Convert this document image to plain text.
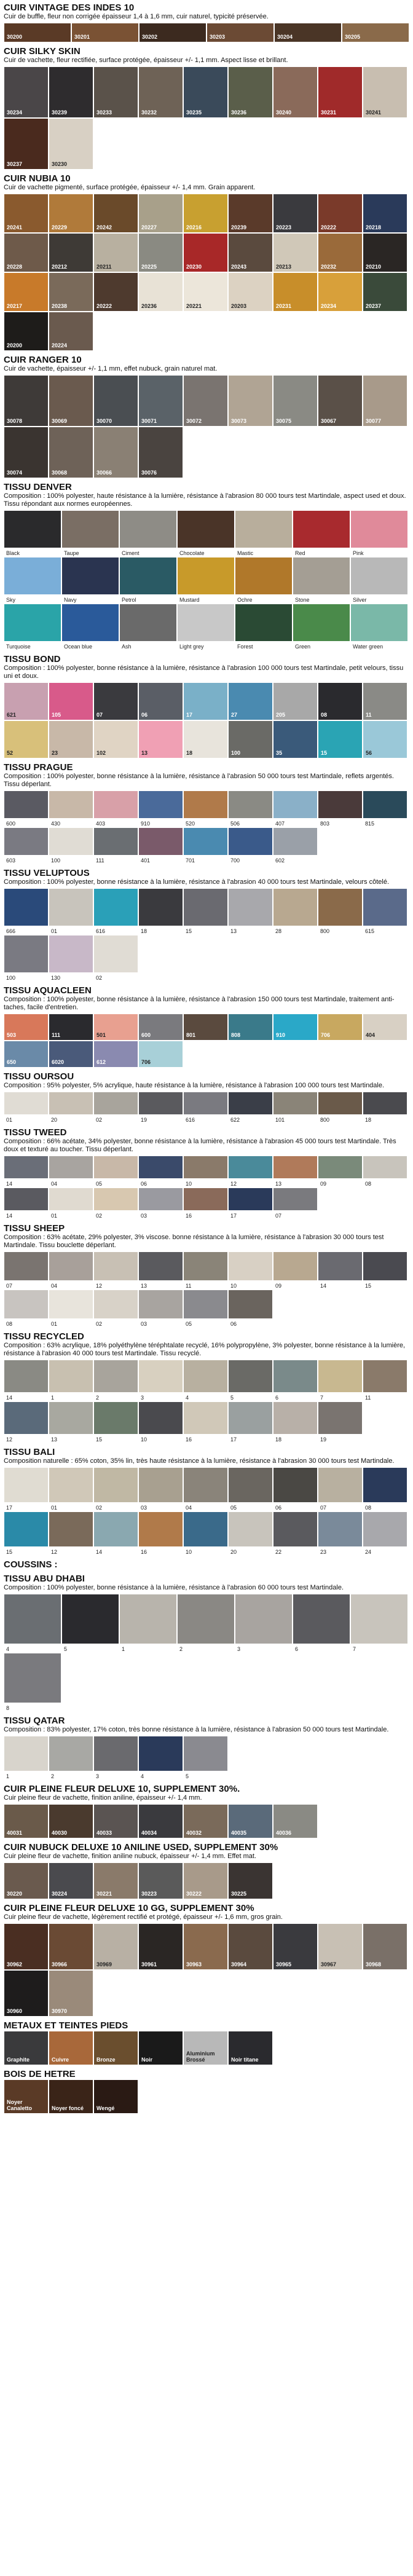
CUIR VINTAGE DES INDES 10
Cuir de buffle, fleur non corrigée épaisseur 1,4 à 1,6 mm, cuir naturel, typicité préservée.
30200	30201	30202	30203	30204	30205
CUIR SILKY SKIN
Cuir de vachette, fleur rectifiée, surface protégée, épaisseur +/- 1,1 mm. Aspect lisse et brillant.
30234	30239	30233	30232	30235	30236	30240	30231	30241
30237	30230
CUIR NUBIA 10
Cuir de vachette pigmenté, surface protégée, épaisseur +/- 1,4 mm. Grain apparent.
20241	20229	20242	20227	20216	20239	20223	20222	20218
20228	20212	20211	20225	20230	20243	20213	20232	20210
20217	20238	20222	20236	20221	20203	20231	20234	20237
20200	20224
CUIR RANGER 10
Cuir de vachette, épaisseur +/- 1,1 mm, effet nubuck, grain naturel mat.
30078	30069	30070	30071	30072	30073	30075	30067	30077
30074	30068	30066	30076
TISSU DENVER
Composition : 100% polyester, haute résistance à la lumière, résistance à l'abrasion 80 000 tours test Martindale, aspect used et doux. Tissu répondant aux normes européennes.
Black	Taupe	Ciment	Chocolate	Mastic	Red	Pink
Sky	Navy	Petrol	Mustard	Ochre	Stone	Silver
Turquoise	Ocean blue	Ash	Light grey	Forest	Green	Water green
TISSU BOND
Composition : 100% polyester, bonne résistance à la lumière, résistance à l'abrasion 100 000 tours test Martindale, petit velours, tissu uni et doux.
621	105	07	06	17	27	205	08	11
52	23	102	13	18	100	35	15	56
TISSU PRAGUE
Composition : 100% polyester, bonne résistance à la lumière, résistance à l'abrasion 50 000 tours test Martindale, reflets argentés. Tissu déperlant.
600	430	403	910	520	506	407	803	815
603	100	111	401	701	700	602
TISSU VELUPTOUS
Composition : 100% polyester, bonne résistance à la lumière, résistance à l'abrasion 40 000 tours test Martindale, velours côtelé.
666	01	616	18	15	13	28	800	615
100	130	02
TISSU AQUACLEEN
Composition : 100% polyester, bonne résistance à la lumière, résistance à l'abrasion 150 000 tours test Martindale, traitement anti-taches, facile d'entretien.
503	111	501	600	801	808	910	706	404
650	6020	612	706
TISSU OURSOU
Composition : 95% polyester, 5% acrylique, haute résistance à la lumière, résistance à l'abrasion 100 000 tours test Martindale.
01	20	02	19	616	622	101	800	18
TISSU TWEED
Composition : 66% acétate, 34% polyester, bonne résistance à la lumière, résistance à l'abrasion 45 000 tours test Martindale. Très doux et texturé au toucher. Tissu déperlant.
14	04	05	06	10	12	13	09	08
14	01	02	03	16	17	07
TISSU SHEEP
Composition : 63% acétate, 29% polyester, 3% viscose. bonne résistance à la lumière, résistance à l'abrasion 30 000 tours test Martindale. Tissu bouclette déperlant.
07	04	12	13	11	10	09	14	15
08	01	02	03	05	06
TISSU RECYCLED
Composition : 63% acrylique, 18% polyéthylène téréphtalate recyclé, 16% polypropylène, 3% polyester, bonne résistance à la lumière, résistance à l'abrasion 40 000 tours test Martindale. Tissu recyclé.
14	1	2	3	4	5	6	7	11
12	13	15	10	16	17	18	19
TISSU BALI
Composition naturelle : 65% coton, 35% lin, très haute résistance à la lumière, résistance à l'abrasion 30 000 tours test Martindale.
17	01	02	03	04	05	06	07	08
15	12	14	16	10	20	22	23	24
COUSSINS :
TISSU ABU DHABI
Composition : 100% polyester, bonne résistance à la lumière, résistance à l'abrasion 60 000 tours test Martindale.
4	5	1	2	3	6	7
8
TISSU QATAR
Composition : 83% polyester, 17% coton, très bonne résistance à la lumière, résistance à l'abrasion 50 000 tours test Martindale.
1	2	3	4	5
CUIR PLEINE FLEUR DELUXE 10, SUPPLEMENT 30%.
Cuir pleine fleur de vachette, finition aniline, épaisseur +/- 1,4 mm.
40031	40030	40033	40034	40032	40035	40036
CUIR NUBUCK DELUXE 10 ANILINE USED, SUPPLEMENT 30%
Cuir pleine fleur de vachette, finition aniline nubuck, épaisseur +/- 1,4 mm. Effet mat.
30220	30224	30221	30223	30222	30225
CUIR PLEINE FLEUR DELUXE 10 GG, SUPPLEMENT 30%
Cuir pleine fleur de vachette, légèrement rectifié et protégé, épaisseur +/- 1,6 mm, gros grain.
30962	30966	30969	30961	30963	30964	30965	30967	30968
30960	30970
METAUX ET TEINTES PIEDS
Graphite	Cuivre	Bronze	Noir
Aluminium Brossé	Noir titane
BOIS DE HETRE
Noyer Canaletto	Noyer foncé Wengé
